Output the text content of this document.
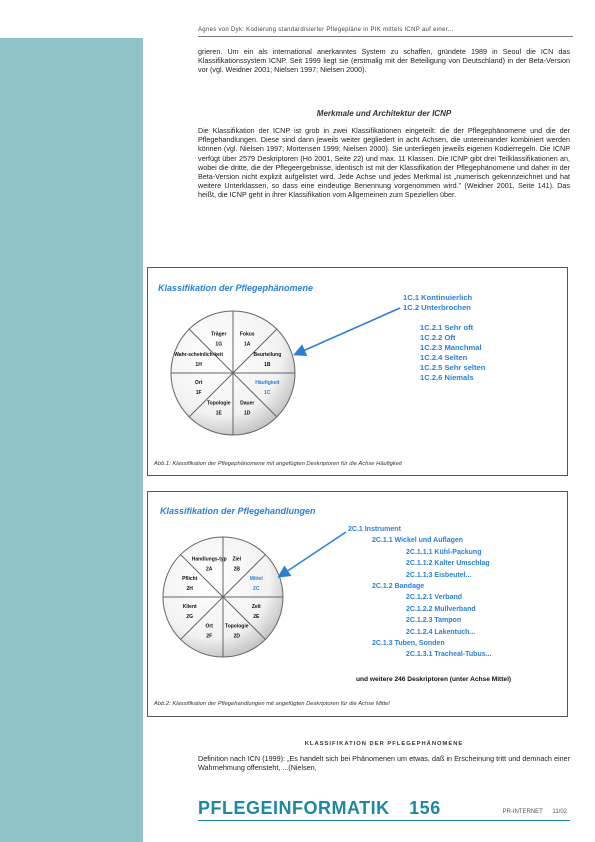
Agnes von Dyk: Kodierung standardisierter Pflegepläne in PIK mittels ICNP auf einer...

grieren. Um ein als international anerkanntes System zu schaffen, gründete 1989 in Seoul die ICN das Klassifikationssystem ICNP. Seit 1999 liegt sie (erstmalig mit der Beteiligung von Deutschland) in der Beta-Version vor (vgl. Weidner 2001; Nielsen 1997; Nielsen 2000).

Merkmale und Architektur der ICNP

Die Klassifikation der ICNP ist grob in zwei Klassifikationen eingeteilt: die der Pflegephänomene und die der Pflegehandlungen. Diese sind dann jeweils weiter gegliedert in acht Achsen, die untereinander kombiniert werden können (vgl. Nielsen 1997; Mortensen 1999; Nielsen 2000). Sie unterliegen jeweils eigenen Kodierregeln. Die ICNP verfügt über 2579 Deskriptoren (Hö 2001, Seite 22) und max. 11 Klassen. Die ICNP gibt drei Teilklassifikationen an, wobei die dritte, die der Pflegeergebnisse, identisch ist mit der Klassifikation der Pflegephänomene und daher in der Beta-Version nicht explizit aufgelistet wird. Jede Achse und jedes Merkmal ist „numerisch gekennzeichnet und hat weitere Unterklassen, so dass eine eindeutige Benennung vorgenommen wird." (Weidner 2001, Seite 141). Das heißt, die ICNP geht in ihrer Klassifikation vom Allgemeinen zum Speziellen über.

Klassifikation der Pflegephänomene
Fokus
1A
Beurteilung
1B
Häufigkeit
1C
Dauer
1D
Topologie
1E
Ort
1F
Wahr-scheinlich-keit
1H
Träger
1G
1C.1 Kontinuierlich
1C.2 Unterbrochen
1C.2.1 Sehr oft
1C.2.2 Oft
1C.2.3 Manchmal
1C.2.4 Selten
1C.2.5 Sehr selten
1C.2.6 Niemals
Abb.1: Klassifikation der Pflegephänomene mit angefügten Deskriptoren für die Achse Häufigkeit
Klassifikation der Pflegehandlungen
Ziel
2B
Mittel
2C
Zeit
2E
Topologie
2D
Ort
2F
Klient
2G
Pflicht
2H
Handlungs-typ
2A
2C.1 Instrument
2C.1.1 Wickel und Auflagen
2C.1.1.1 Kühl-Packung
2C.1.1.2 Kalter Umschlag
2C.1.1.3 Eisbeutel...
2C.1.2 Bandage
2C.1.2.1 Verband
2C.1.2.2 Mullverband
2C.1.2.3 Tampon
2C.1.2.4 Lakentuch...
2C.1.3 Tuben, Sonden
2C.1.3.1 Tracheal-Tubus...
und weitere 246 Deskriptoren (unter Achse Mittel)
Abb.2: Klassifikation der Pflegehandlungen mit angefügten Deskriptoren für die Achse Mittel
KLASSIFIKATION DER PFLEGEPHÄNOMENE

Definition nach ICN (1999): „Es handelt sich bei Phänomenen um etwas, daß in Erscheinung tritt und demnach einer Wahrnehmung offensteht, ...(Nielsen,

PFLEGEINFORMATIK 156	PR-INTERNET 11/02
